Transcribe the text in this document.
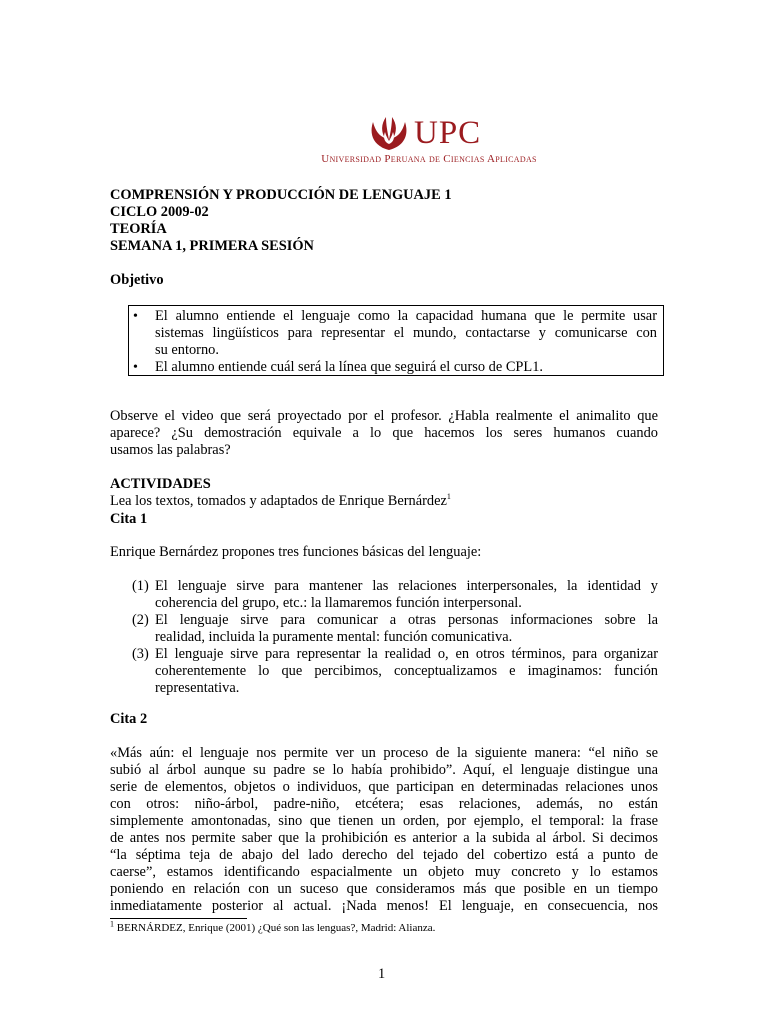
UPC
Universidad Peruana de Ciencias Aplicadas
COMPRENSIÓN Y PRODUCCIÓN DE LENGUAJE 1
CICLO 2009-02
TEORÍA
SEMANA 1, PRIMERA SESIÓN
Objetivo
• El alumno entiende el lenguaje como la capacidad humana que le permite usar
sistemas lingüísticos para representar el mundo, contactarse y comunicarse con
su entorno.
• El alumno entiende cuál será la línea que seguirá el curso de CPL1.
Observe el video que será proyectado por el profesor. ¿Habla realmente el animalito que
aparece? ¿Su demostración equivale a lo que hacemos los seres humanos cuando
usamos las palabras?
ACTIVIDADES
Lea los textos, tomados y adaptados de Enrique Bernárdez$^1$
Cita 1
Enrique Bernárdez propones tres funciones básicas del lenguaje:
(1) El lenguaje sirve para mantener las relaciones interpersonales, la identidad y
coherencia del grupo, etc.: la llamaremos función interpersonal.
(2) El lenguaje sirve para comunicar a otras personas informaciones sobre la
realidad, incluida la puramente mental: función comunicativa.
(3) El lenguaje sirve para representar la realidad o, en otros términos, para organizar
coherentemente lo que percibimos, conceptualizamos e imaginamos: función
representativa.
Cita 2
«Más aún: el lenguaje nos permite ver un proceso de la siguiente manera: “el niño se
subió al árbol aunque su padre se lo había prohibido”. Aquí, el lenguaje distingue una
serie de elementos, objetos o individuos, que participan en determinadas relaciones unos
con otros: niño-árbol, padre-niño, etcétera; esas relaciones, además, no están
simplemente amontonadas, sino que tienen un orden, por ejemplo, el temporal: la frase
de antes nos permite saber que la prohibición es anterior a la subida al árbol. Si decimos
“la séptima teja de abajo del lado derecho del tejado del cobertizo está a punto de
caerse”, estamos identificando espacialmente un objeto muy concreto y lo estamos
poniendo en relación con un suceso que consideramos más que posible en un tiempo
inmediatamente posterior al actual. ¡Nada menos! El lenguaje, en consecuencia, nos
$^1$ BERNÁRDEZ, Enrique (2001) ¿Qué son las lenguas?, Madrid: Alianza.
1
